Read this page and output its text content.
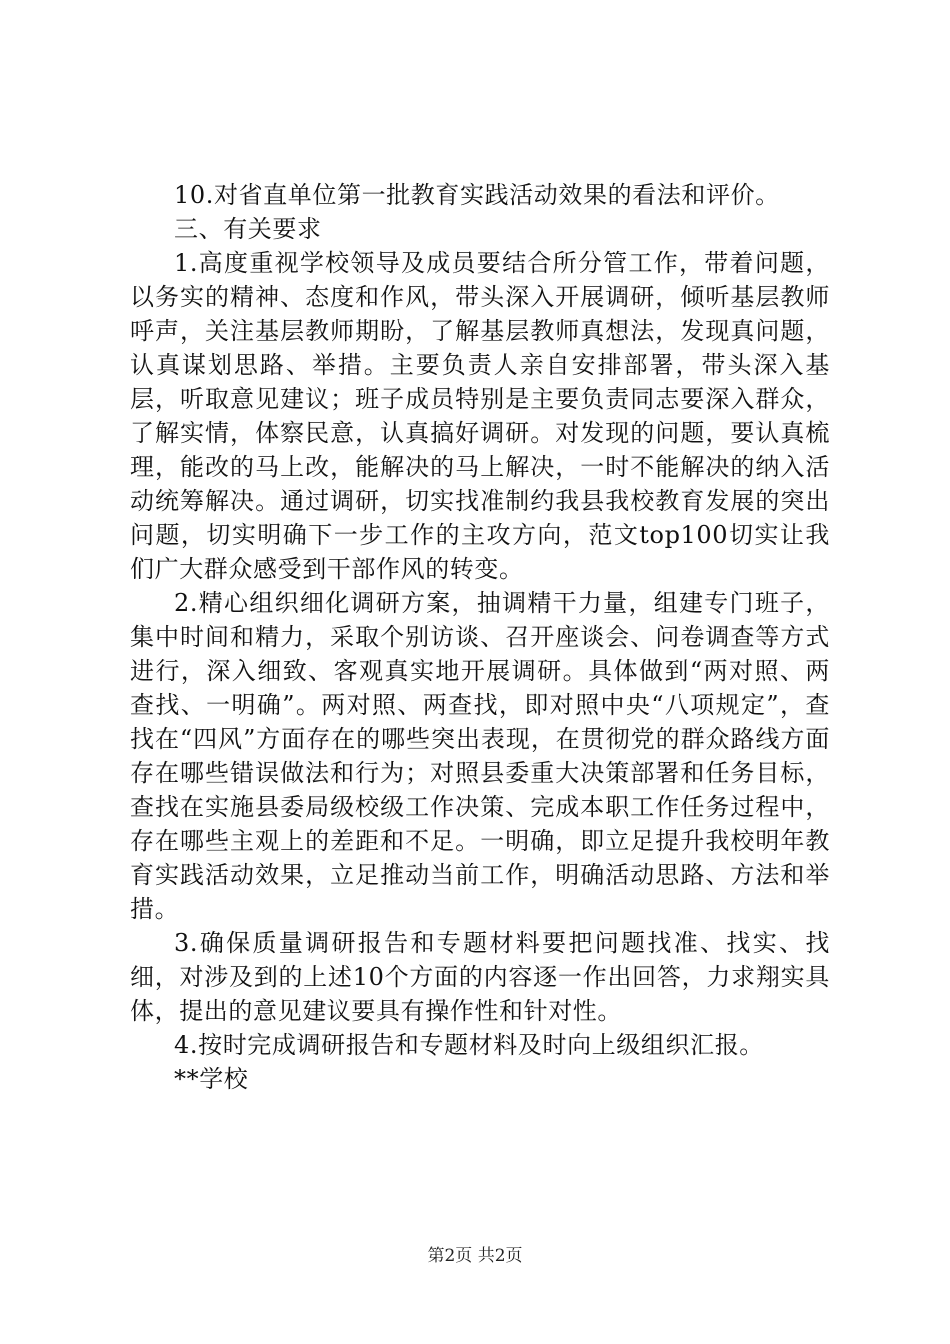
10.对省直单位第一批教育实践活动效果的看法和评价。

三、有关要求

1.高度重视学校领导及成员要结合所分管工作，带着问题，以务实的精神、态度和作风，带头深入开展调研，倾听基层教师呼声，关注基层教师期盼，了解基层教师真想法，发现真问题，认真谋划思路、举措。主要负责人亲自安排部署，带头深入基层，听取意见建议；班子成员特别是主要负责同志要深入群众，了解实情，体察民意，认真搞好调研。对发现的问题，要认真梳理，能改的马上改，能解决的马上解决，一时不能解决的纳入活动统筹解决。通过调研，切实找准制约我县我校教育发展的突出问题，切实明确下一步工作的主攻方向，范文top100切实让我们广大群众感受到干部作风的转变。

2.精心组织细化调研方案，抽调精干力量，组建专门班子，集中时间和精力，采取个别访谈、召开座谈会、问卷调查等方式进行，深入细致、客观真实地开展调研。具体做到“两对照、两查找、一明确”。两对照、两查找，即对照中央“八项规定”，查找在“四风”方面存在的哪些突出表现，在贯彻党的群众路线方面存在哪些错误做法和行为；对照县委重大决策部署和任务目标，查找在实施县委局级校级工作决策、完成本职工作任务过程中，存在哪些主观上的差距和不足。一明确，即立足提升我校明年教育实践活动效果，立足推动当前工作，明确活动思路、方法和举措。

3.确保质量调研报告和专题材料要把问题找准、找实、找细，对涉及到的上述10个方面的内容逐一作出回答，力求翔实具体，提出的意见建议要具有操作性和针对性。

4.按时完成调研报告和专题材料及时向上级组织汇报。

**学校

第2页 共2页
